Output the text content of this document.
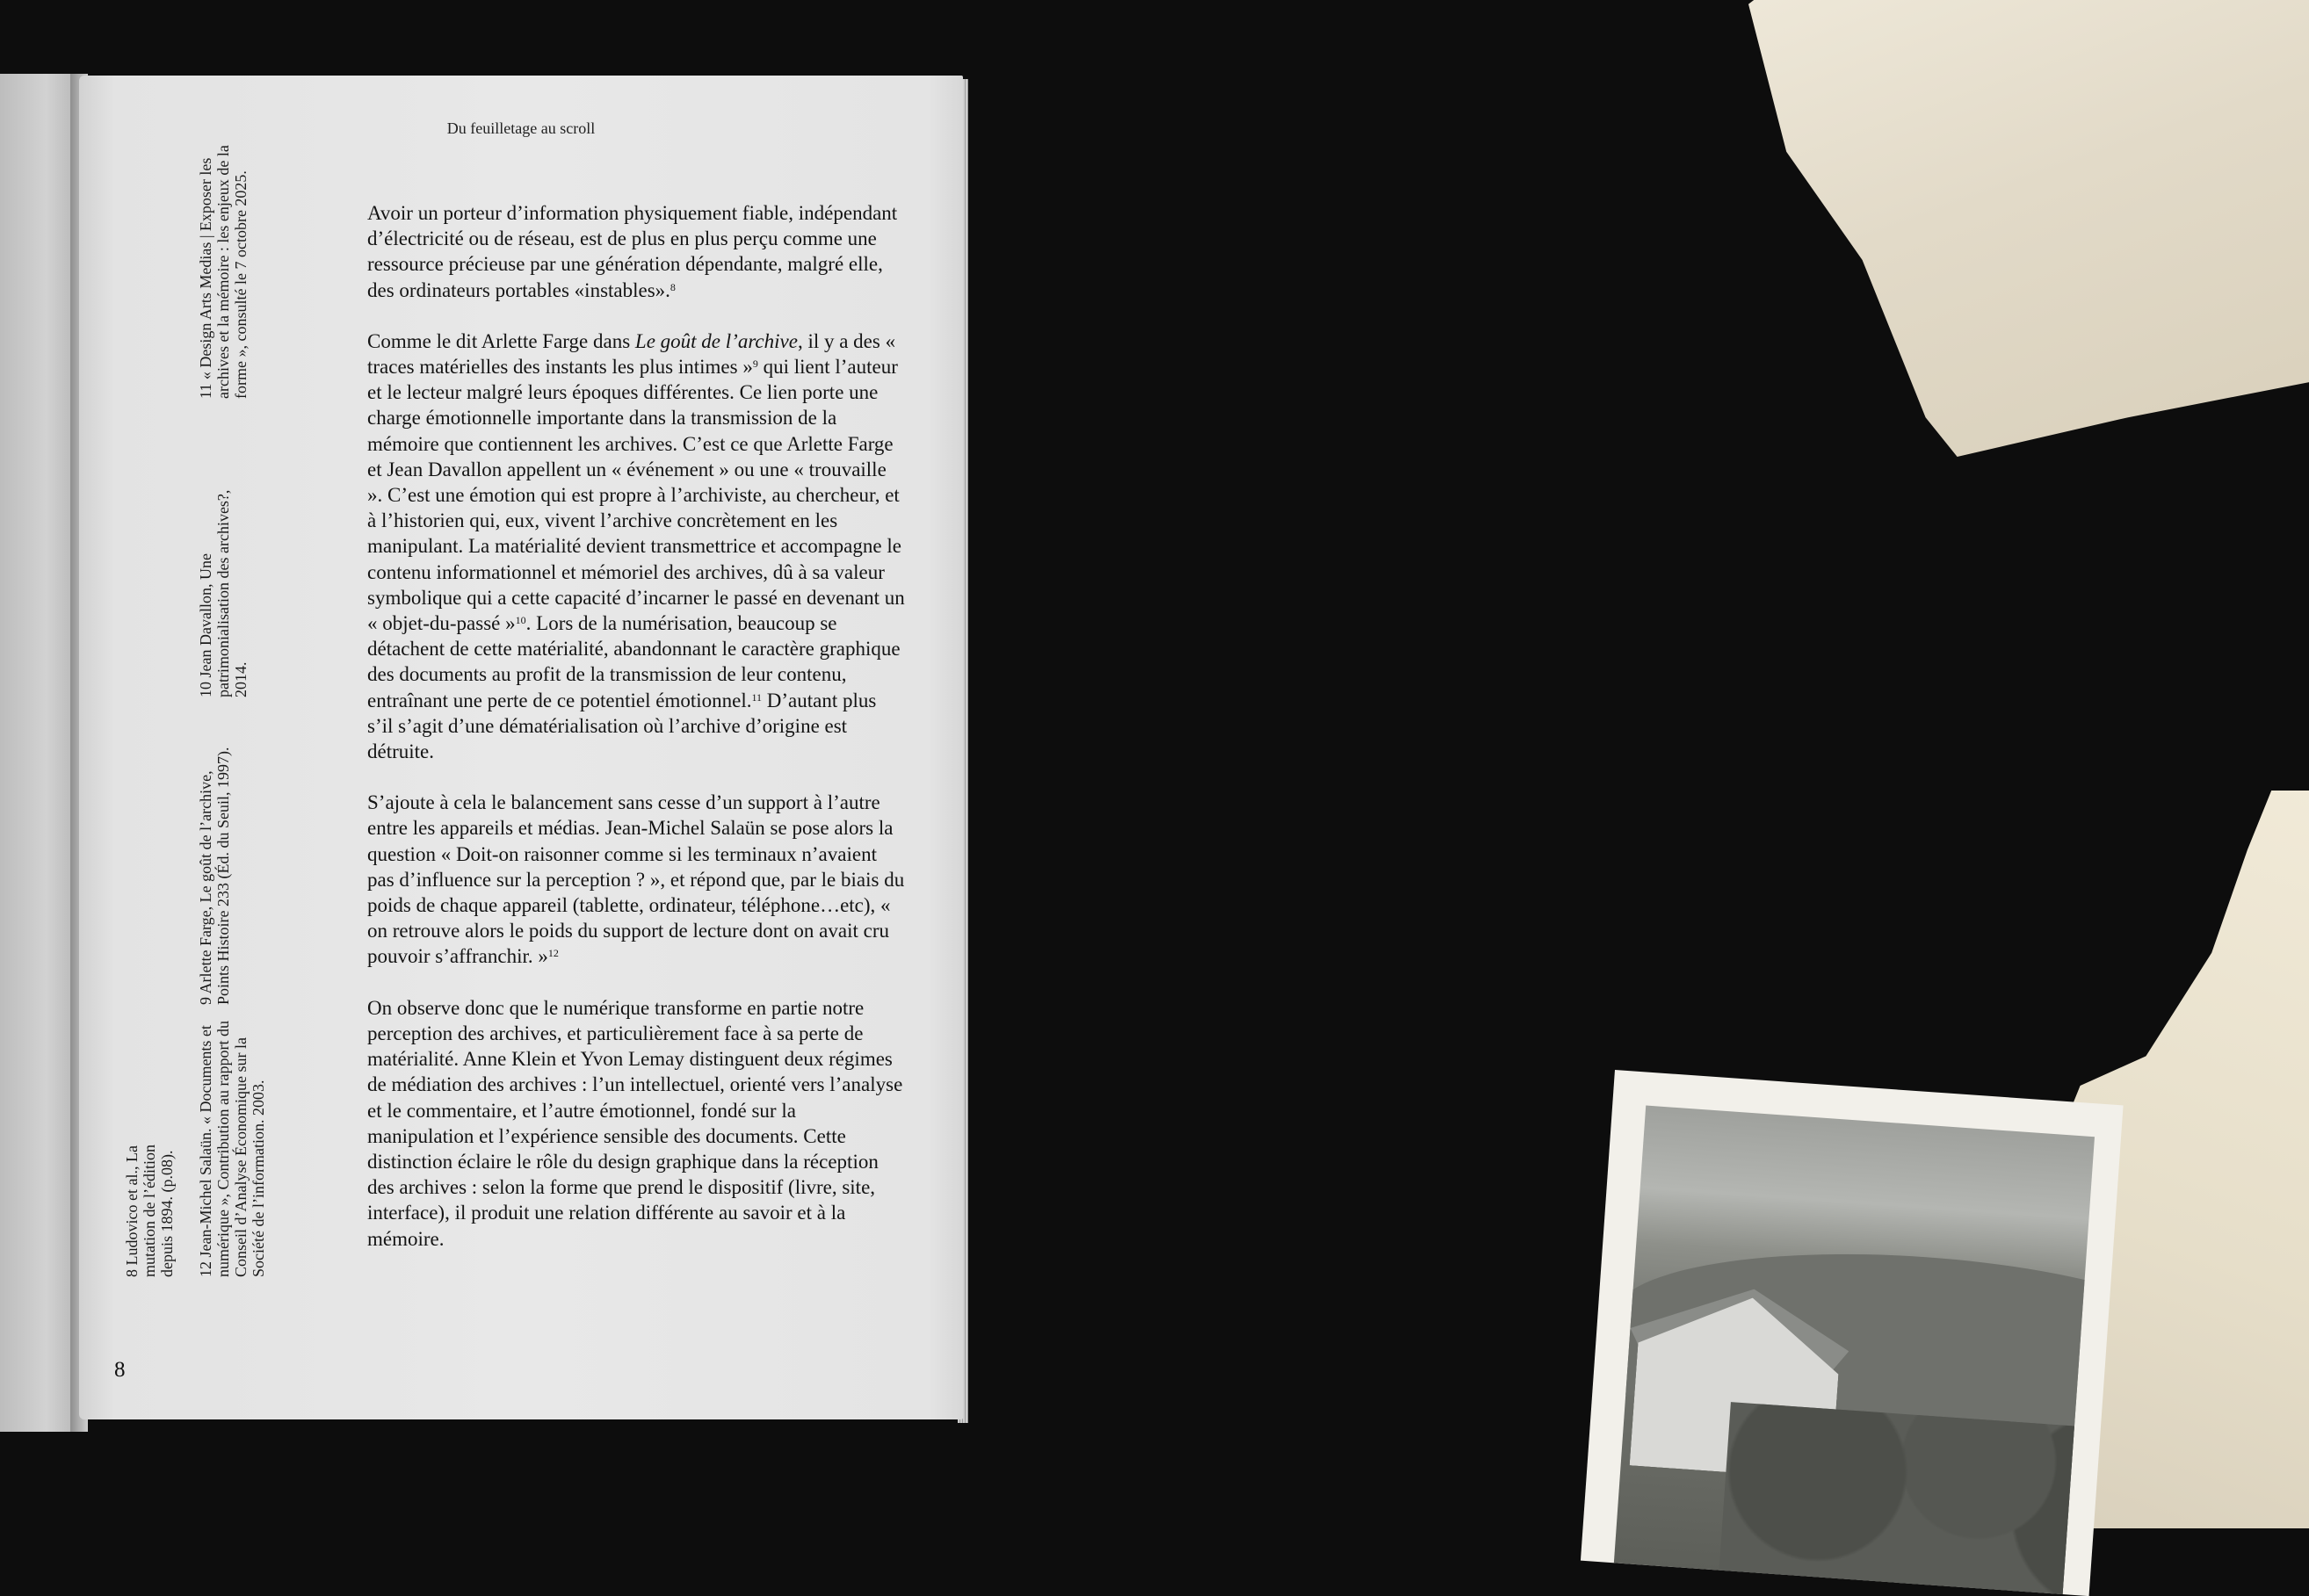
Du feuilletage au scroll

Avoir un porteur d’information physiquement fiable, indépendant d’électricité ou de réseau, est de plus en plus perçu comme une ressource précieuse par une génération dépendante, malgré elle, des ordinateurs portables «instables».$^8$

Comme le dit Arlette Farge dans Le goût de l’archive, il y a des « traces matérielles des instants les plus intimes »$^9$ qui lient l’auteur et le lecteur malgré leurs époques différentes. Ce lien porte une charge émotionnelle importante dans la transmission de la mémoire que contiennent les archives. C’est ce que Arlette Farge et Jean Davallon appellent un « événement » ou une « trouvaille ». C’est une émotion qui est propre à l’archiviste, au chercheur, et à l’historien qui, eux, vivent l’archive concrètement en les manipulant. La matérialité devient transmettrice et accompagne le contenu informationnel et mémoriel des archives, dû à sa valeur symbolique qui a cette capacité d’incarner le passé en devenant un « objet-du-passé »$^{10}$. Lors de la numérisation, beaucoup se détachent de cette matérialité, abandonnant le caractère graphique des documents au profit de la transmission de leur contenu, entraînant une perte de ce potentiel émotionnel.$^{11}$ D’autant plus s’il s’agit d’une dématérialisation où l’archive d’origine est détruite.

S’ajoute à cela le balancement sans cesse d’un support à l’autre entre les appareils et médias. Jean-Michel Salaün se pose alors la question « Doit-on raisonner comme si les terminaux n’avaient pas d’influence sur la perception ? », et répond que, par le biais du poids de chaque appareil (tablette, ordinateur, téléphone…etc), « on retrouve alors le poids du support de lecture dont on avait cru pouvoir s’affranchir. »$^{12}$

On observe donc que le numérique transforme en partie notre perception des archives, et particulièrement face à sa perte de matérialité. Anne Klein et Yvon Lemay distinguent deux régimes de médiation des archives : l’un intellectuel, orienté vers l’analyse et le commentaire, et l’autre émotionnel, fondé sur la manipulation et l’expérience sensible des documents. Cette distinction éclaire le rôle du design graphique dans la réception des archives : selon la forme que prend le dispositif (livre, site, interface), il produit une relation différente au savoir et à la mémoire.

8
8 Ludovico et al., La mutation de l’édition depuis 1894. (p.08). 12 Jean-Michel Salaün. « Documents et numérique », Contribution au rapport du Conseil d’Analyse Économique sur la Société de l’information. 2003.
9 Arlette Farge, Le goût de l’archive, Points Histoire 233 (Éd. du Seuil, 1997).
10 Jean Davallon, Une patrimonialisation des archives?, 2014.
11 « Design Arts Medias | Exposer les archives et la mémoire : les enjeux de la forme », consulté le 7 octobre 2025.
